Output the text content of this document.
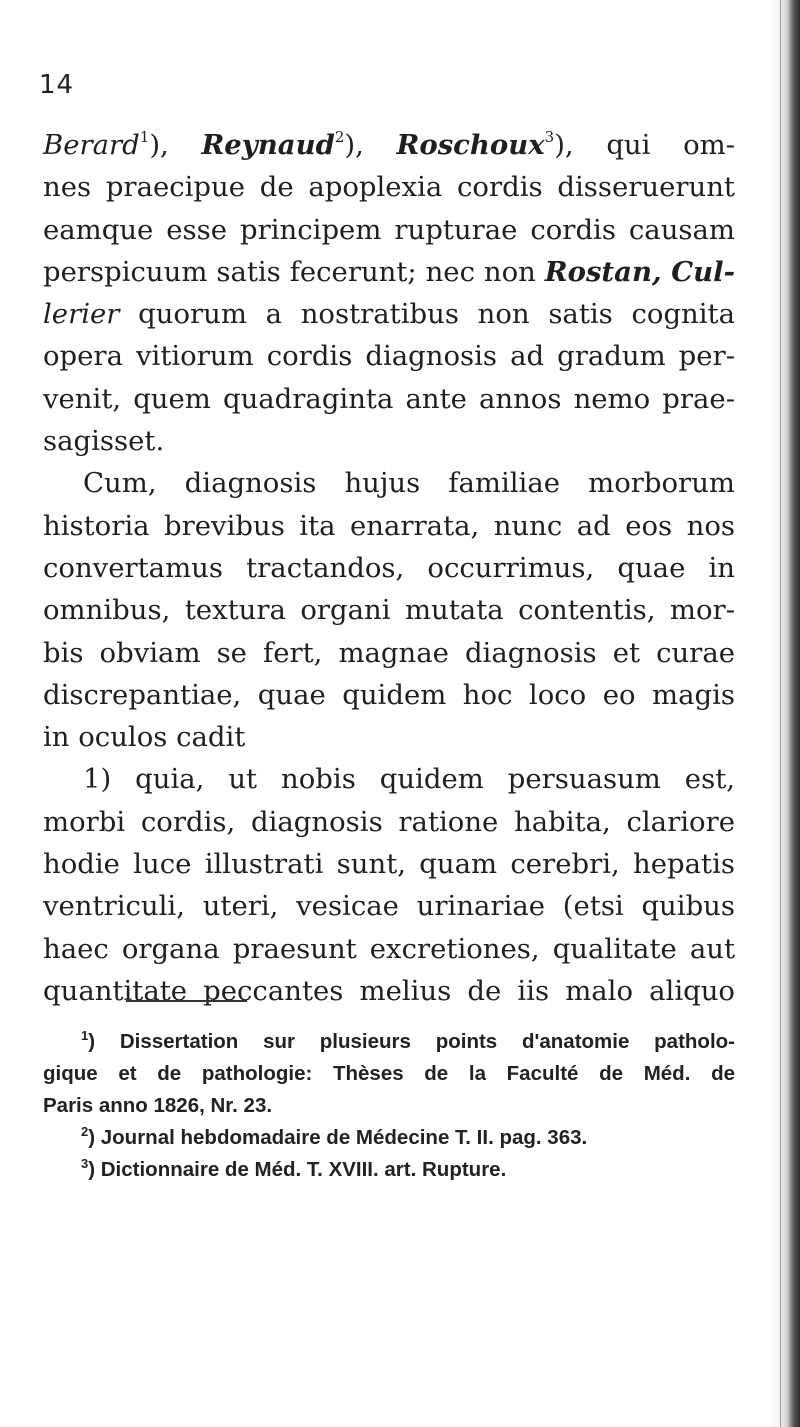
14
Berard$^1$), Reynaud$^2$), Roschoux$^3$), qui om-
nes praecipue de apoplexia cordis disseruerunt
eamque esse principem rupturae cordis causam
perspicuum satis fecerunt; nec non Rostan, Cul-
lerier quorum a nostratibus non satis cognita
opera vitiorum cordis diagnosis ad gradum per-
venit, quem quadraginta ante annos nemo prae-
sagisset.
Cum, diagnosis hujus familiae morborum
historia brevibus ita enarrata, nunc ad eos nos
convertamus tractandos, occurrimus, quae in
omnibus, textura organi mutata contentis, mor-
bis obviam se fert, magnae diagnosis et curae
discrepantiae, quae quidem hoc loco eo magis
in oculos cadit
1) quia, ut nobis quidem persuasum est,
morbi cordis, diagnosis ratione habita, clariore
hodie luce illustrati sunt, quam cerebri, hepatis
ventriculi, uteri, vesicae urinariae (etsi quibus
haec organa praesunt excretiones, qualitate aut
quantitate peccantes melius de iis malo aliquo
$^1$) Dissertation sur plusieurs points d'anatomie patholo-
gique et de pathologie: Thèses de la Faculté de Méd. de
Paris anno 1826, Nr. 23.
$^2$) Journal hebdomadaire de Médecine T. II. pag. 363.
$^3$) Dictionnaire de Méd. T. XVIII. art. Rupture.
